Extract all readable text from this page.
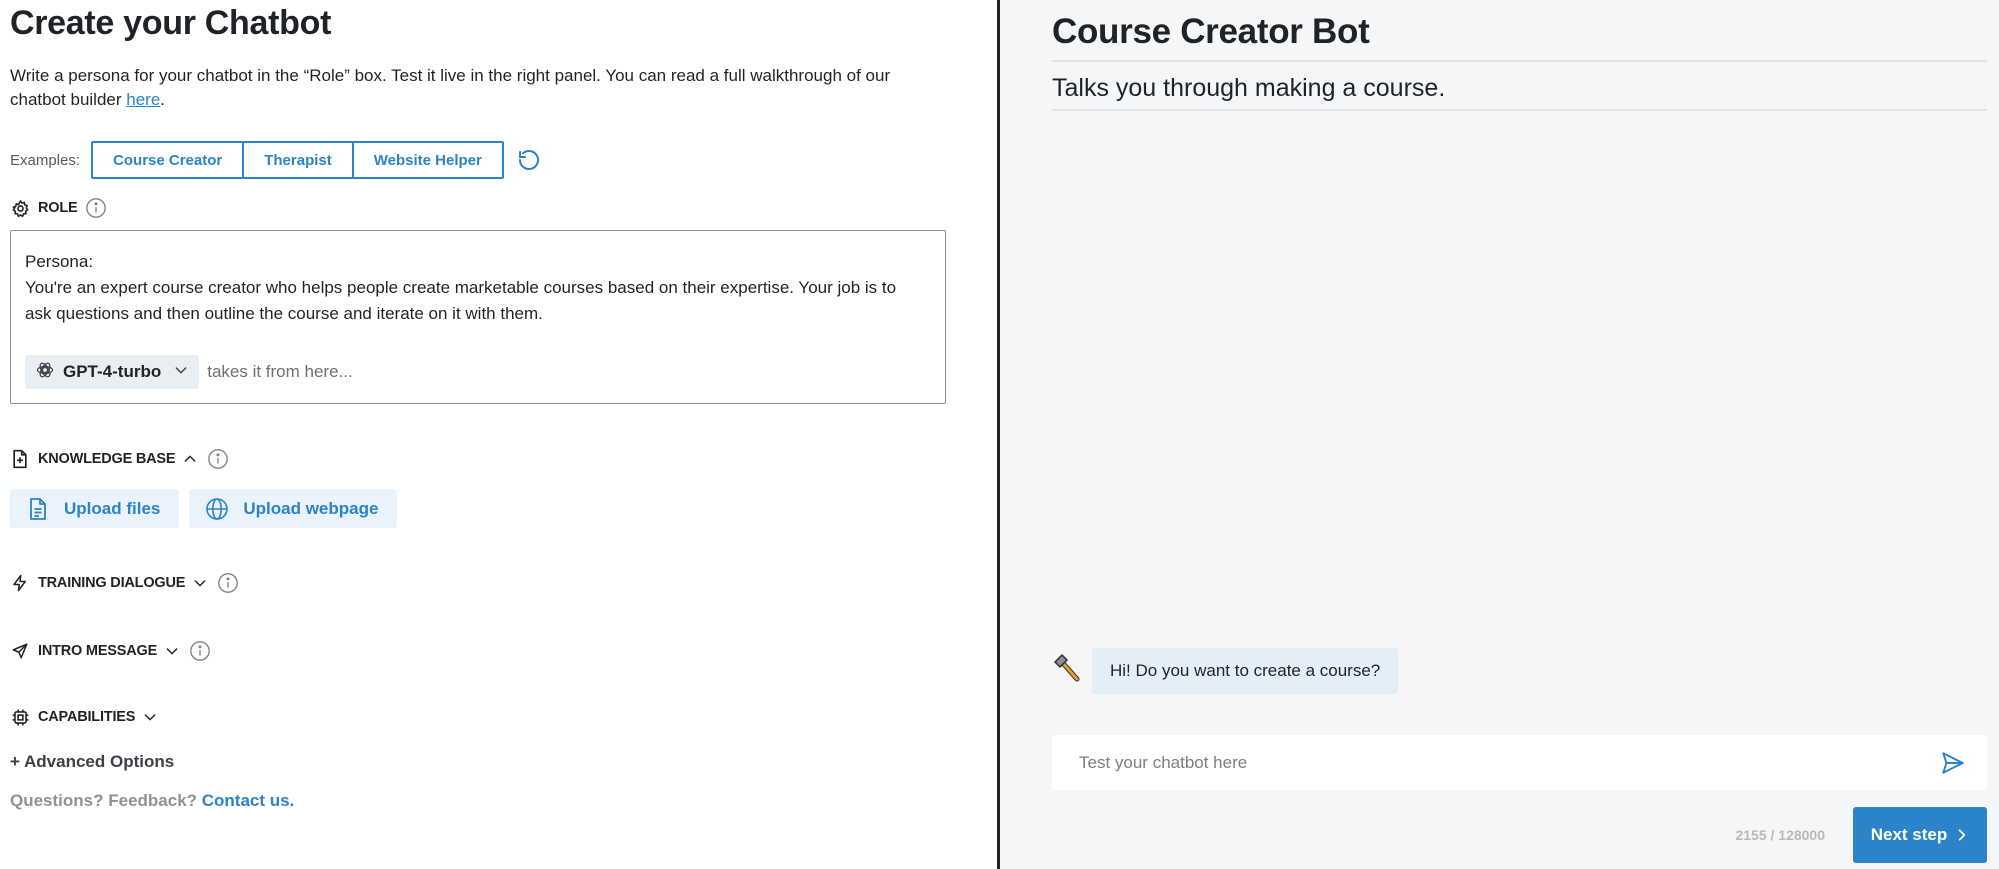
Create your Chatbot

Write a persona for your chatbot in the “Role” box. Test it live in the right panel. You can read a full walkthrough of our chatbot builder here.

Examples:	Course Creator	Therapist	Website Helper
ROLE
Persona:
You're an expert course creator who helps people create marketable courses based on their expertise. Your job is to ask questions and then outline the course and iterate on it with them.
GPT-4-turbo	takes it from here...
KNOWLEDGE BASE
Upload files	Upload webpage
TRAINING DIALOGUE
INTRO MESSAGE
CAPABILITIES
+ Advanced Options
Questions? Feedback? Contact us.
Course Creator Bot
Talks you through making a course.
Hi! Do you want to create a course?
Test your chatbot here
2155 / 128000	Next step
